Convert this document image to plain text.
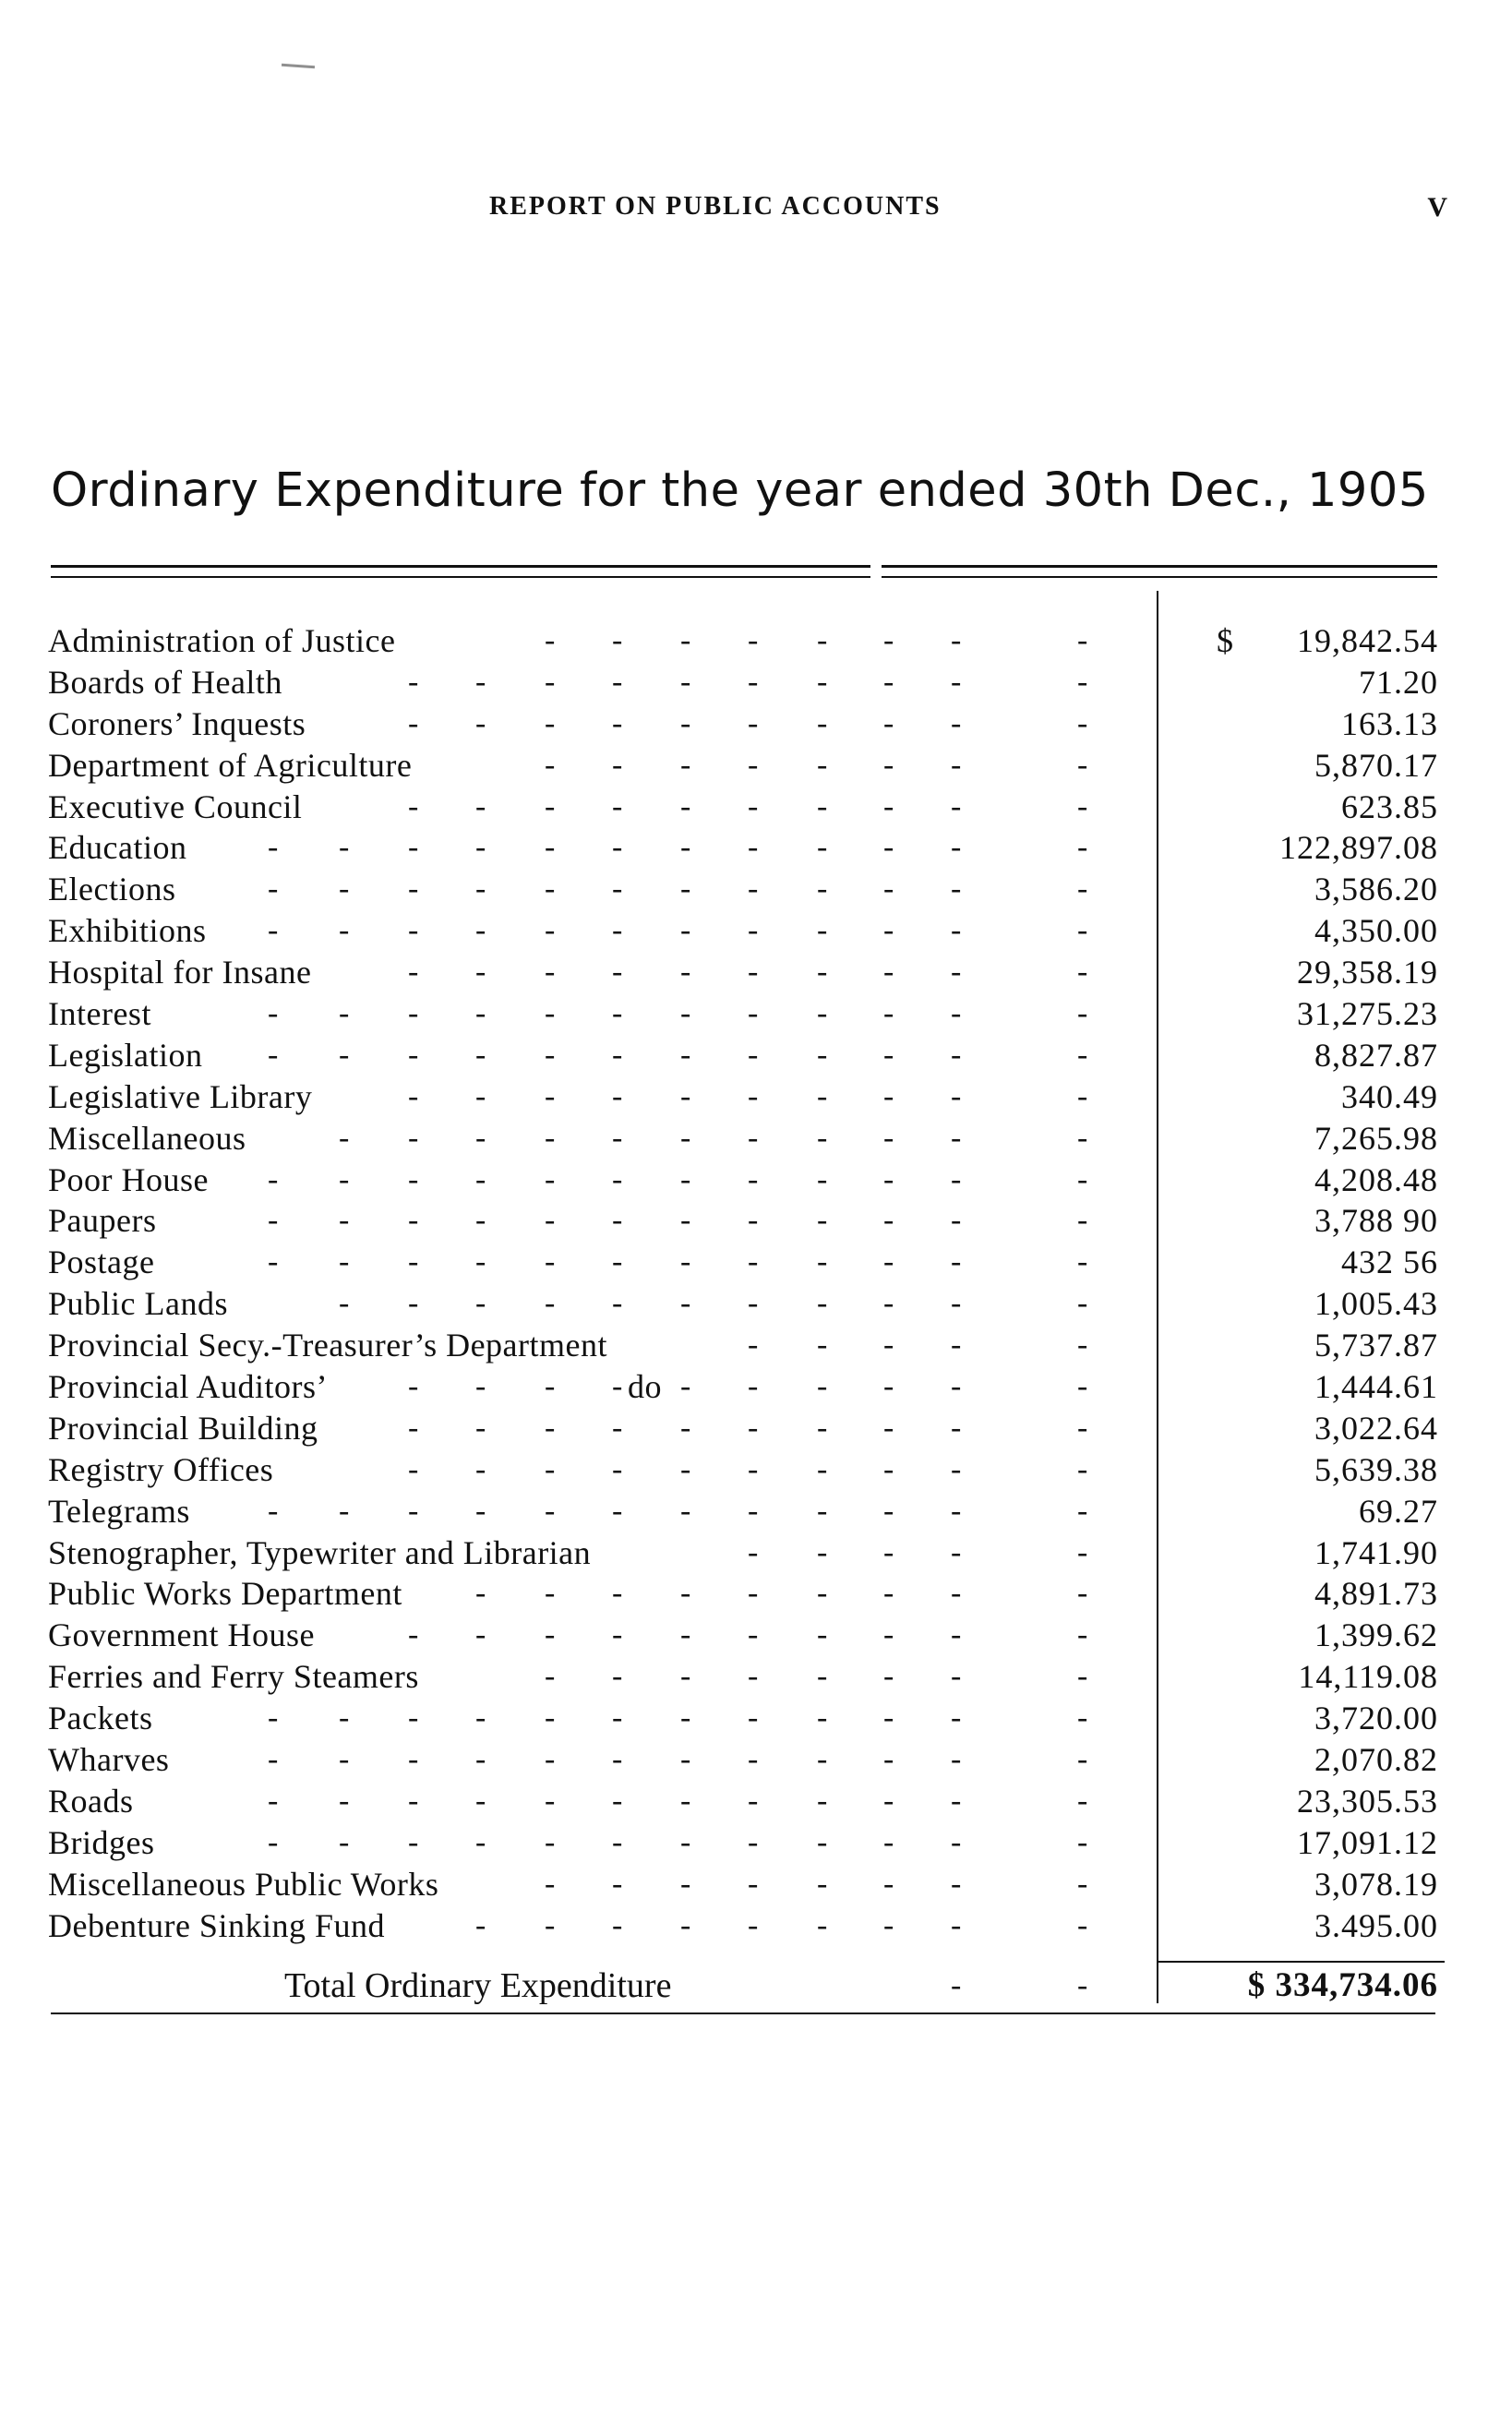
REPORT ON PUBLIC ACCOUNTS	V
Ordinary Expenditure for the year ended 30th Dec., 1905
-
-
-
-
-
-
-
-
Administration of Justice	$ 19,842.54
-
-
-
-
-
-
-
-
-
-
Boards of Health	71.20
-
-
-
-
-
-
-
-
-
-
Coroners’ Inquests	163.13
-
-
-
-
-
-
-
-
Department of Agriculture	5,870.17
-
-
-
-
-
-
-
-
-
-
Executive Council	623.85
-
-
-
-
-
-
-
-
-
-
-
-
Education	122,897.08
-
-
-
-
-
-
-
-
-
-
-
-
Elections	3,586.20
-
-
-
-
-
-
-
-
-
-
-
-
Exhibitions	4,350.00
-
-
-
-
-
-
-
-
-
-
Hospital for Insane	29,358.19
-
-
-
-
-
-
-
-
-
-
-
-
Interest	31,275.23
-
-
-
-
-
-
-
-
-
-
-
-
Legislation	8,827.87
-
-
-
-
-
-
-
-
-
-
Legislative Library	340.49
-
-
-
-
-
-
-
-
-
-
-
Miscellaneous	7,265.98
-
-
-
-
-
-
-
-
-
-
-
-
Poor House	4,208.48
-
-
-
-
-
-
-
-
-
-
-
-
Paupers	3,788 90
-
-
-
-
-
-
-
-
-
-
-
-
Postage	432 56
-
-
-
-
-
-
-
-
-
-
-
Public Lands	1,005.43
-
-
-
-
-
Provincial Secy.-Treasurer’s Department	5,737.87
-
-
-
-
-
-
-
-
-
-
Provincial Auditors’	do	1,444.61
-
-
-
-
-
-
-
-
-
-
Provincial Building	3,022.64
-
-
-
-
-
-
-
-
-
-
Registry Offices	5,639.38
-
-
-
-
-
-
-
-
-
-
-
-
Telegrams	69.27
-
-
-
-
-
Stenographer, Typewriter and Librarian	1,741.90
-
-
-
-
-
-
-
-
-
Public Works Department	4,891.73
-
-
-
-
-
-
-
-
-
-
Government House	1,399.62
-
-
-
-
-
-
-
-
Ferries and Ferry Steamers	14,119.08
-
-
-
-
-
-
-
-
-
-
-
-
Packets	3,720.00
-
-
-
-
-
-
-
-
-
-
-
-
Wharves	2,070.82
-
-
-
-
-
-
-
-
-
-
-
-
Roads	23,305.53
-
-
-
-
-
-
-
-
-
-
-
-
Bridges	17,091.12
-
-
-
-
-
-
-
-
Miscellaneous Public Works	3,078.19
-
-
-
-
-
-
-
-
-
Debenture Sinking Fund	3.495.00
Total Ordinary Expenditure	-	-	$ 334,734.06
